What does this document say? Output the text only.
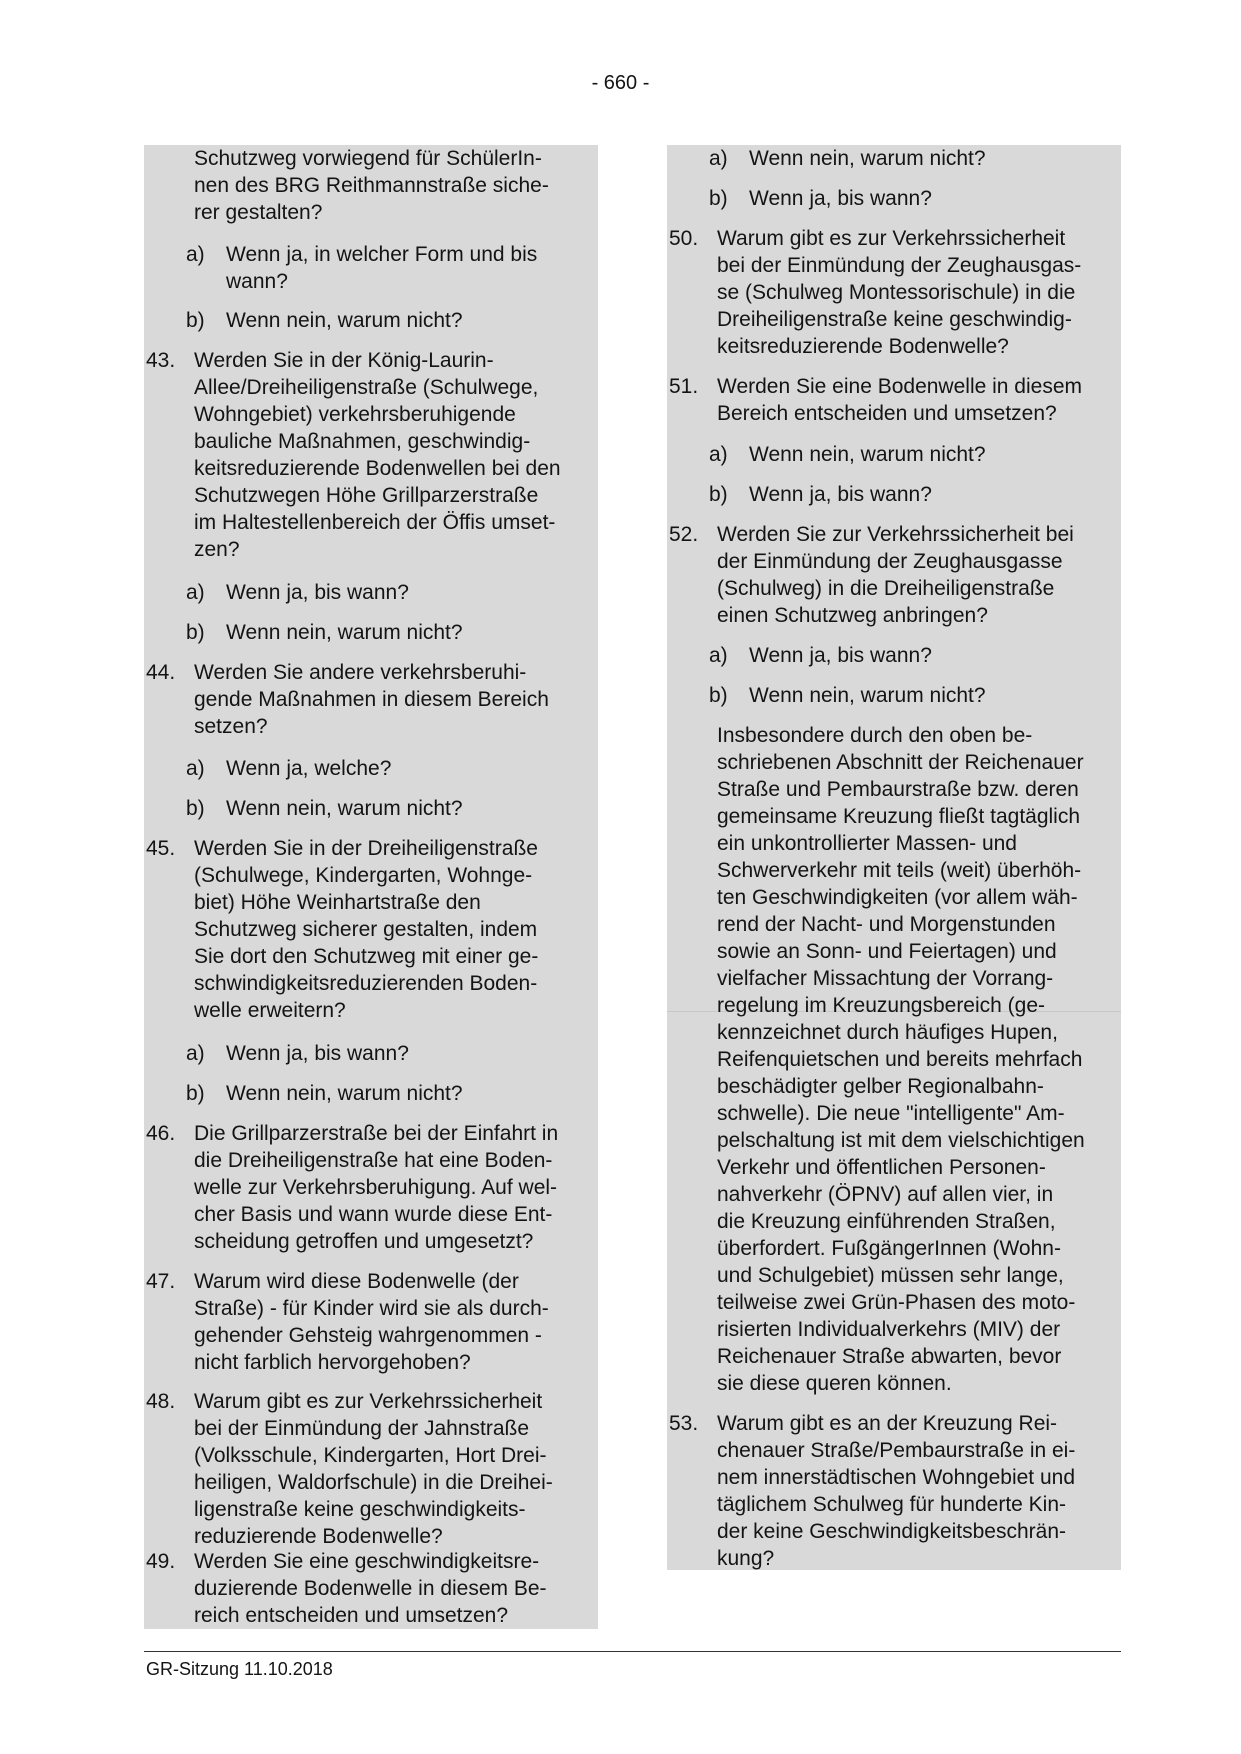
- 660 -
Schutzweg vorwiegend für SchülerIn-
nen des BRG Reithmannstraße siche-
rer gestalten?
a) Wenn ja, in welcher Form und bis
wann?
b) Wenn nein, warum nicht?
43. Werden Sie in der König-Laurin-
Allee/Dreiheiligenstraße (Schulwege,
Wohngebiet) verkehrsberuhigende
bauliche Maßnahmen, geschwindig-
keitsreduzierende Bodenwellen bei den
Schutzwegen Höhe Grillparzerstraße
im Haltestellenbereich der Öffis umset-
zen?
a) Wenn ja, bis wann?
b) Wenn nein, warum nicht?
44. Werden Sie andere verkehrsberuhi-
gende Maßnahmen in diesem Bereich
setzen?
a) Wenn ja, welche?
b) Wenn nein, warum nicht?
45. Werden Sie in der Dreiheiligenstraße
(Schulwege, Kindergarten, Wohnge-
biet) Höhe Weinhartstraße den
Schutzweg sicherer gestalten, indem
Sie dort den Schutzweg mit einer ge-
schwindigkeitsreduzierenden Boden-
welle erweitern?
a) Wenn ja, bis wann?
b) Wenn nein, warum nicht?
46. Die Grillparzerstraße bei der Einfahrt in
die Dreiheiligenstraße hat eine Boden-
welle zur Verkehrsberuhigung. Auf wel-
cher Basis und wann wurde diese Ent-
scheidung getroffen und umgesetzt?
47. Warum wird diese Bodenwelle (der
Straße) - für Kinder wird sie als durch-
gehender Gehsteig wahrgenommen -
nicht farblich hervorgehoben?
48. Warum gibt es zur Verkehrssicherheit
bei der Einmündung der Jahnstraße
(Volksschule, Kindergarten, Hort Drei-
heiligen, Waldorfschule) in die Dreihei-
ligenstraße keine geschwindigkeits-
reduzierende Bodenwelle?
49. Werden Sie eine geschwindigkeitsre-
duzierende Bodenwelle in diesem Be-
reich entscheiden und umsetzen?
a) Wenn nein, warum nicht?
b) Wenn ja, bis wann?
50. Warum gibt es zur Verkehrssicherheit
bei der Einmündung der Zeughausgas-
se (Schulweg Montessorischule) in die
Dreiheiligenstraße keine geschwindig-
keitsreduzierende Bodenwelle?
51. Werden Sie eine Bodenwelle in diesem
Bereich entscheiden und umsetzen?
a) Wenn nein, warum nicht?
b) Wenn ja, bis wann?
52. Werden Sie zur Verkehrssicherheit bei
der Einmündung der Zeughausgasse
(Schulweg) in die Dreiheiligenstraße
einen Schutzweg anbringen?
a) Wenn ja, bis wann?
b) Wenn nein, warum nicht?
Insbesondere durch den oben be-
schriebenen Abschnitt der Reichenauer
Straße und Pembaurstraße bzw. deren
gemeinsame Kreuzung fließt tagtäglich
ein unkontrollierter Massen- und
Schwerverkehr mit teils (weit) überhöh-
ten Geschwindigkeiten (vor allem wäh-
rend der Nacht- und Morgenstunden
sowie an Sonn- und Feiertagen) und
vielfacher Missachtung der Vorrang-
regelung im Kreuzungsbereich (ge-
kennzeichnet durch häufiges Hupen,
Reifenquietschen und bereits mehrfach
beschädigter gelber Regionalbahn-
schwelle). Die neue "intelligente" Am-
pelschaltung ist mit dem vielschichtigen
Verkehr und öffentlichen Personen-
nahverkehr (ÖPNV) auf allen vier, in
die Kreuzung einführenden Straßen,
überfordert. FußgängerInnen (Wohn-
und Schulgebiet) müssen sehr lange,
teilweise zwei Grün-Phasen des moto-
risierten Individualverkehrs (MIV) der
Reichenauer Straße abwarten, bevor
sie diese queren können.
53. Warum gibt es an der Kreuzung Rei-
chenauer Straße/Pembaurstraße in ei-
nem innerstädtischen Wohngebiet und
täglichem Schulweg für hunderte Kin-
der keine Geschwindigkeitsbeschrän-
kung?
GR-Sitzung 11.10.2018
